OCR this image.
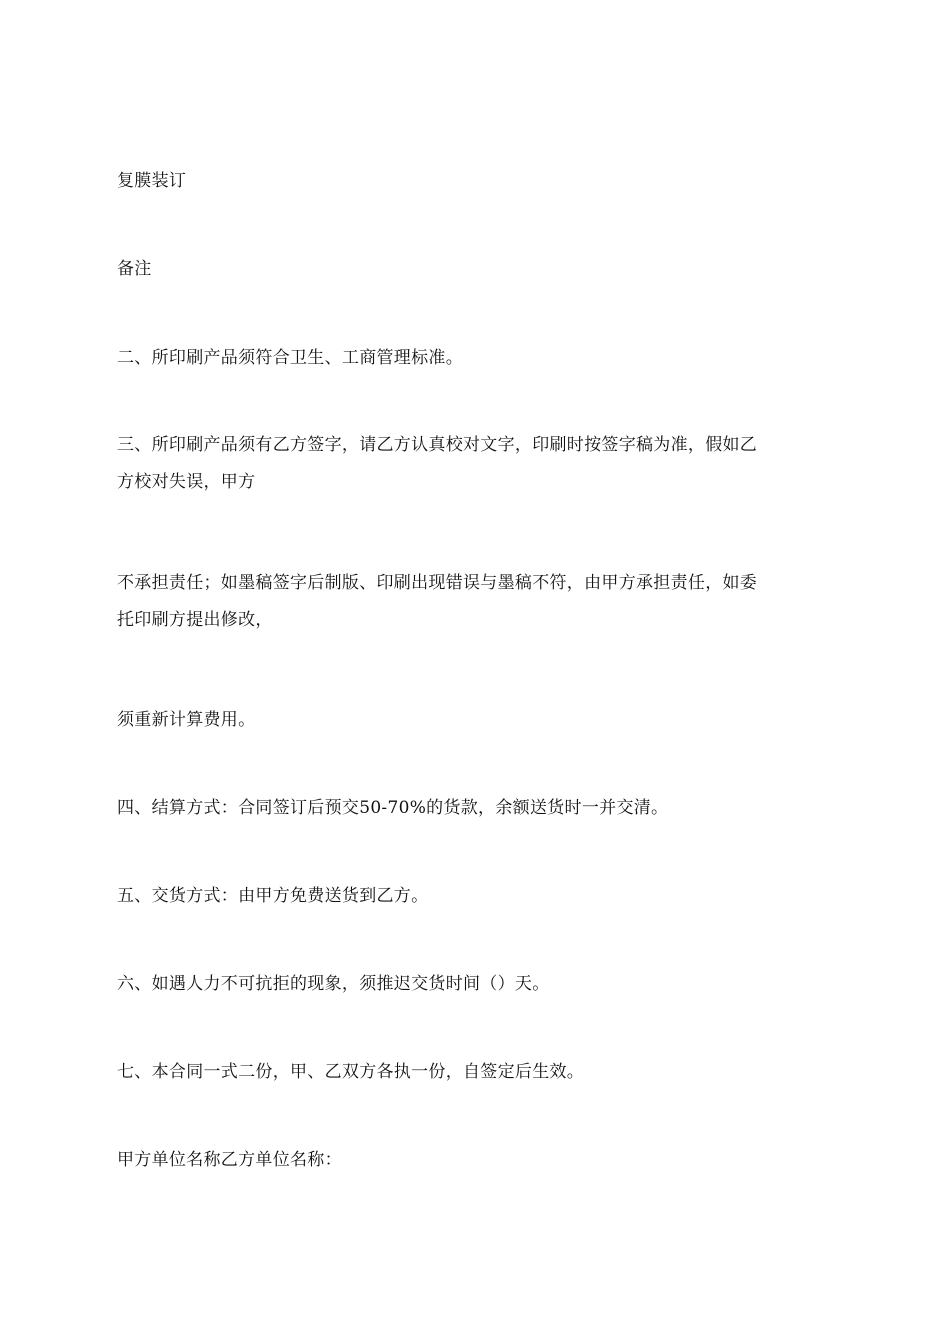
复膜装订
备注
二、所印刷产品须符合卫生、工商管理标准。
三、所印刷产品须有乙方签字，请乙方认真校对文字，印刷时按签字稿为准，假如乙
方校对失误，甲方
不承担责任；如墨稿签字后制版、印刷出现错误与墨稿不符，由甲方承担责任，如委
托印刷方提出修改，
须重新计算费用。
四、结算方式：合同签订后预交50-70%的货款，余额送货时一并交清。
五、交货方式：由甲方免费送货到乙方。
六、如遇人力不可抗拒的现象，须推迟交货时间（）天。
七、本合同一式二份，甲、乙双方各执一份，自签定后生效。
甲方单位名称乙方单位名称：
